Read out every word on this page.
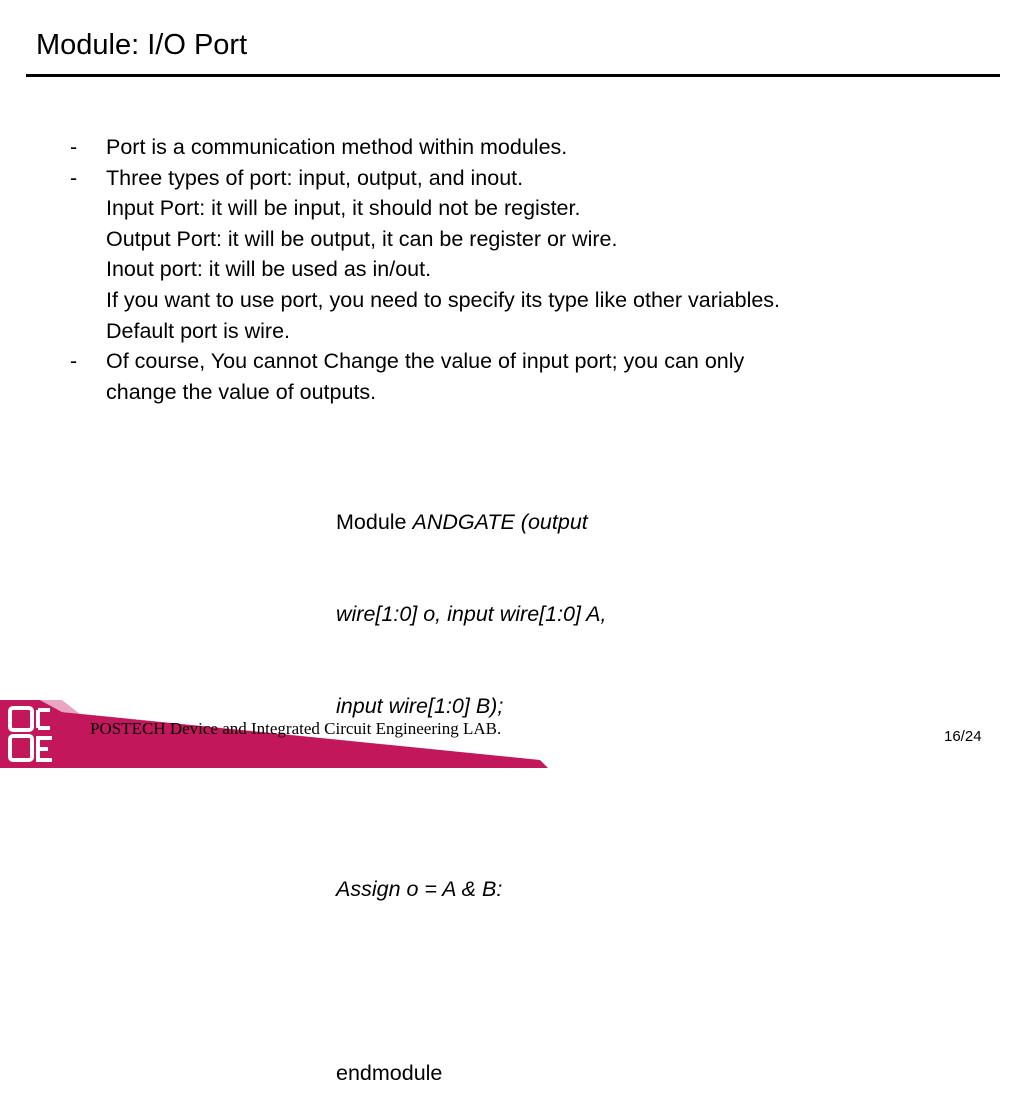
Module: I/O Port
- Port is a communication method within modules.
- Three types of port: input, output, and inout.
Input Port: it will be input, it should not be register.
Output Port: it will be output, it can be register or wire.
Inout port: it will be used as in/out.
If you want to use port, you need to specify its type like other variables.
Default port is wire.
- Of course, You cannot Change the value of input port; you can only
change the value of outputs.

Module ANDGATE (output

wire[1:0] o, input wire[1:0] A,

input wire[1:0] B);

Assign o = A & B:

endmodule

POSTECH Device and Integrated Circuit Engineering LAB.	16/24
